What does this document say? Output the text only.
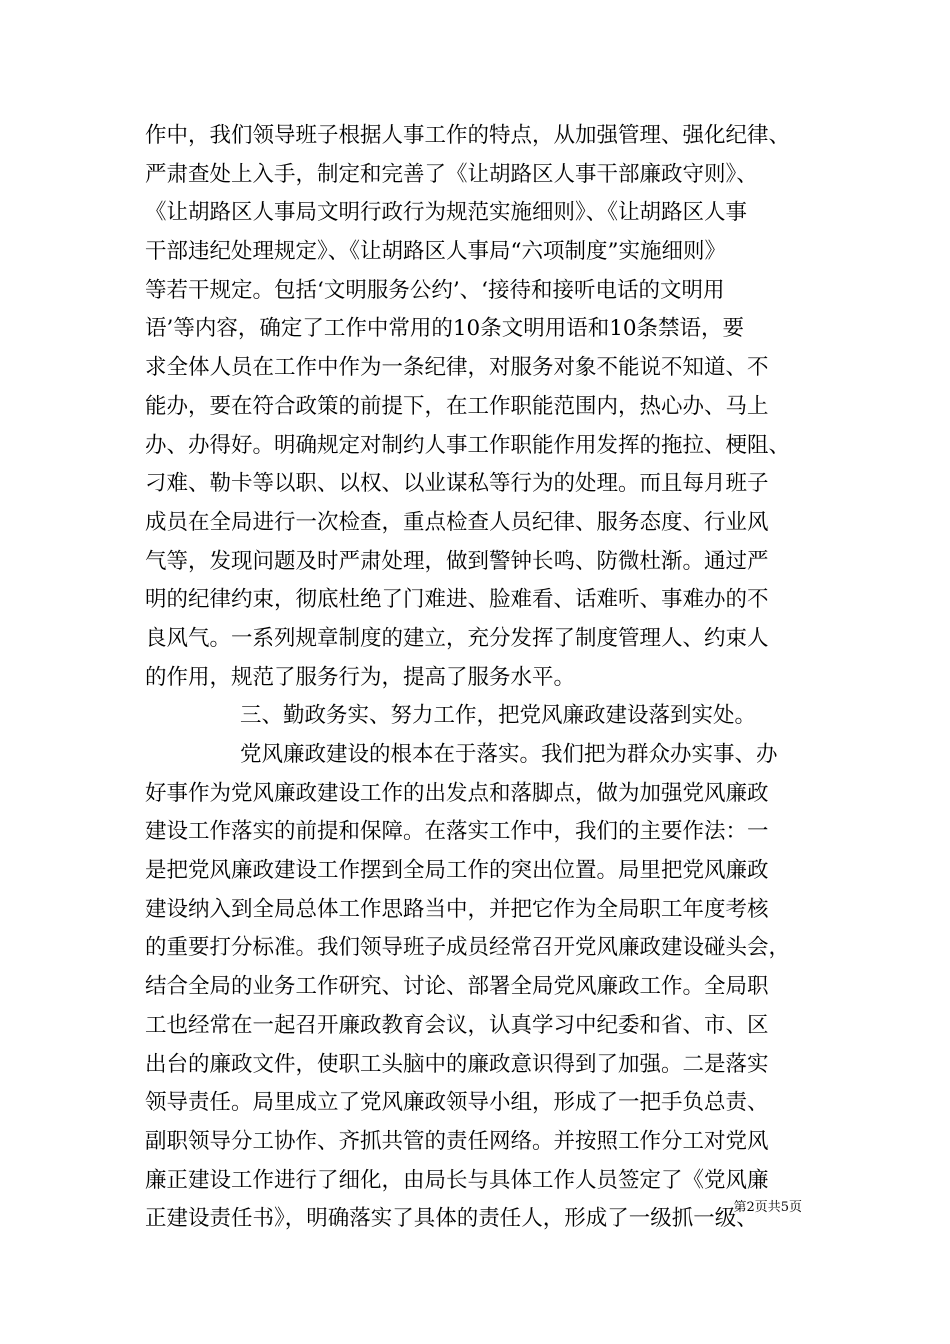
作中，我们领导班子根据人事工作的特点，从加强管理、强化纪律、
严肃查处上入手，制定和完善了《让胡路区人事干部廉政守则》、
《让胡路区人事局文明行政行为规范实施细则》、《让胡路区人事
干部违纪处理规定》、《让胡路区人事局“六项制度”实施细则》
等若干规定。包括‘文明服务公约’、‘接待和接听电话的文明用
语’等内容，确定了工作中常用的10条文明用语和10条禁语，要
求全体人员在工作中作为一条纪律，对服务对象不能说不知道、不
能办，要在符合政策的前提下，在工作职能范围内，热心办、马上
办、办得好。明确规定对制约人事工作职能作用发挥的拖拉、梗阻、
刁难、勒卡等以职、以权、以业谋私等行为的处理。而且每月班子
成员在全局进行一次检查，重点检查人员纪律、服务态度、行业风
气等，发现问题及时严肃处理，做到警钟长鸣、防微杜渐。通过严
明的纪律约束，彻底杜绝了门难进、脸难看、话难听、事难办的不
良风气。一系列规章制度的建立，充分发挥了制度管理人、约束人
的作用，规范了服务行为，提高了服务水平。
三、勤政务实、努力工作，把党风廉政建设落到实处。
党风廉政建设的根本在于落实。我们把为群众办实事、办
好事作为党风廉政建设工作的出发点和落脚点，做为加强党风廉政
建设工作落实的前提和保障。在落实工作中，我们的主要作法：一
是把党风廉政建设工作摆到全局工作的突出位置。局里把党风廉政
建设纳入到全局总体工作思路当中，并把它作为全局职工年度考核
的重要打分标准。我们领导班子成员经常召开党风廉政建设碰头会，
结合全局的业务工作研究、讨论、部署全局党风廉政工作。全局职
工也经常在一起召开廉政教育会议，认真学习中纪委和省、市、区
出台的廉政文件，使职工头脑中的廉政意识得到了加强。二是落实
领导责任。局里成立了党风廉政领导小组，形成了一把手负总责、
副职领导分工协作、齐抓共管的责任网络。并按照工作分工对党风
廉正建设工作进行了细化，由局长与具体工作人员签定了《党风廉
正建设责任书》，明确落实了具体的责任人，形成了一级抓一级、
第2页共5页
